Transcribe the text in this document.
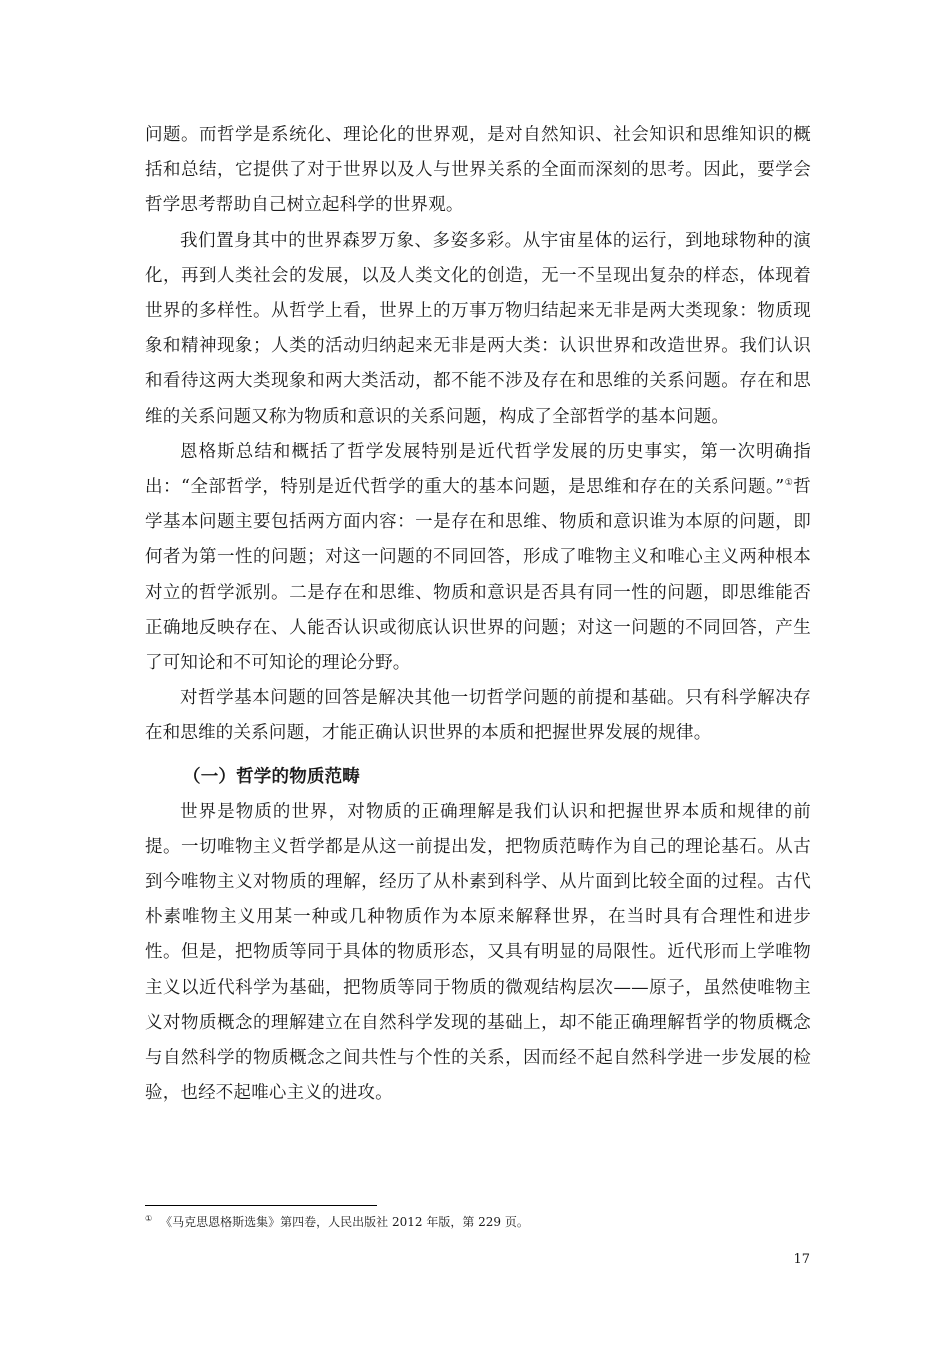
问题。而哲学是系统化、理论化的世界观，是对自然知识、社会知识和思维知识的概括和总结，它提供了对于世界以及人与世界关系的全面而深刻的思考。因此，要学会哲学思考帮助自己树立起科学的世界观。

我们置身其中的世界森罗万象、多姿多彩。从宇宙星体的运行，到地球物种的演化，再到人类社会的发展，以及人类文化的创造，无一不呈现出复杂的样态，体现着世界的多样性。从哲学上看，世界上的万事万物归结起来无非是两大类现象：物质现象和精神现象；人类的活动归纳起来无非是两大类：认识世界和改造世界。我们认识和看待这两大类现象和两大类活动，都不能不涉及存在和思维的关系问题。存在和思维的关系问题又称为物质和意识的关系问题，构成了全部哲学的基本问题。

恩格斯总结和概括了哲学发展特别是近代哲学发展的历史事实，第一次明确指出：“全部哲学，特别是近代哲学的重大的基本问题，是思维和存在的关系问题。”①哲学基本问题主要包括两方面内容：一是存在和思维、物质和意识谁为本原的问题，即何者为第一性的问题；对这一问题的不同回答，形成了唯物主义和唯心主义两种根本对立的哲学派别。二是存在和思维、物质和意识是否具有同一性的问题，即思维能否正确地反映存在、人能否认识或彻底认识世界的问题；对这一问题的不同回答，产生了可知论和不可知论的理论分野。

对哲学基本问题的回答是解决其他一切哲学问题的前提和基础。只有科学解决存在和思维的关系问题，才能正确认识世界的本质和把握世界发展的规律。

（一）哲学的物质范畴

世界是物质的世界，对物质的正确理解是我们认识和把握世界本质和规律的前提。一切唯物主义哲学都是从这一前提出发，把物质范畴作为自己的理论基石。从古到今唯物主义对物质的理解，经历了从朴素到科学、从片面到比较全面的过程。古代朴素唯物主义用某一种或几种物质作为本原来解释世界，在当时具有合理性和进步性。但是，把物质等同于具体的物质形态，又具有明显的局限性。近代形而上学唯物主义以近代科学为基础，把物质等同于物质的微观结构层次——原子，虽然使唯物主义对物质概念的理解建立在自然科学发现的基础上，却不能正确理解哲学的物质概念与自然科学的物质概念之间共性与个性的关系，因而经不起自然科学进一步发展的检验，也经不起唯心主义的进攻。

① 《马克思恩格斯选集》第四卷，人民出版社 2012 年版，第 229 页。
17
